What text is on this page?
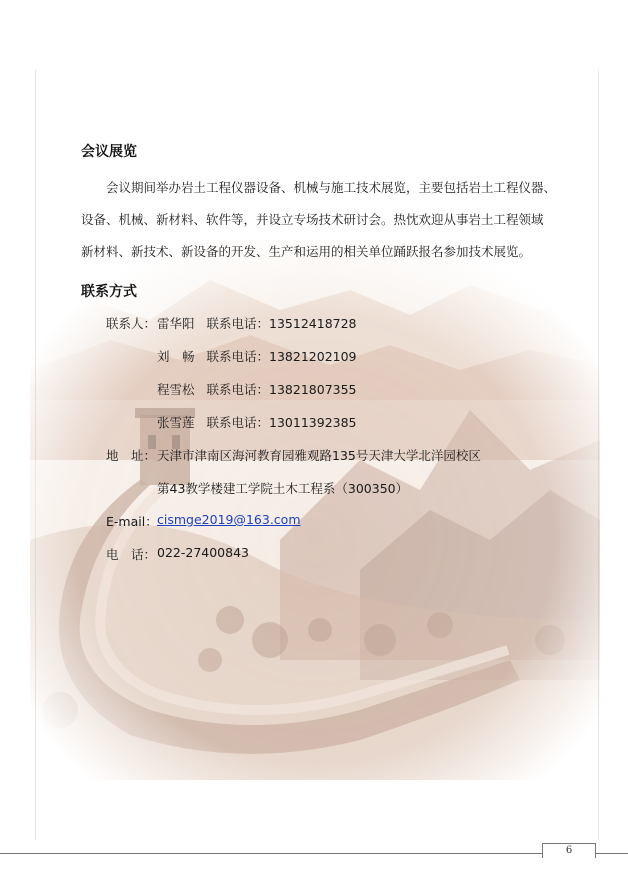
会议展览
会议期间举办岩土工程仪器设备、机械与施工技术展览，主要包括岩土工程仪器、
设备、机械、新材料、软件等，并设立专场技术研讨会。热忱欢迎从事岩土工程领域
新材料、新技术、新设备的开发、生产和运用的相关单位踊跃报名参加技术展览。
联系方式
联系人： 雷华阳 联系电话：13512418728
刘　畅 联系电话：13821202109
程雪松 联系电话：13821807355
张雪莲 联系电话：13011392385
地　址： 天津市津南区海河教育园雅观路135号天津大学北洋园校区
第43教学楼建工学院土木工程系（300350）
E-mail： cismge2019@163.com
电　话： 022-27400843
6
